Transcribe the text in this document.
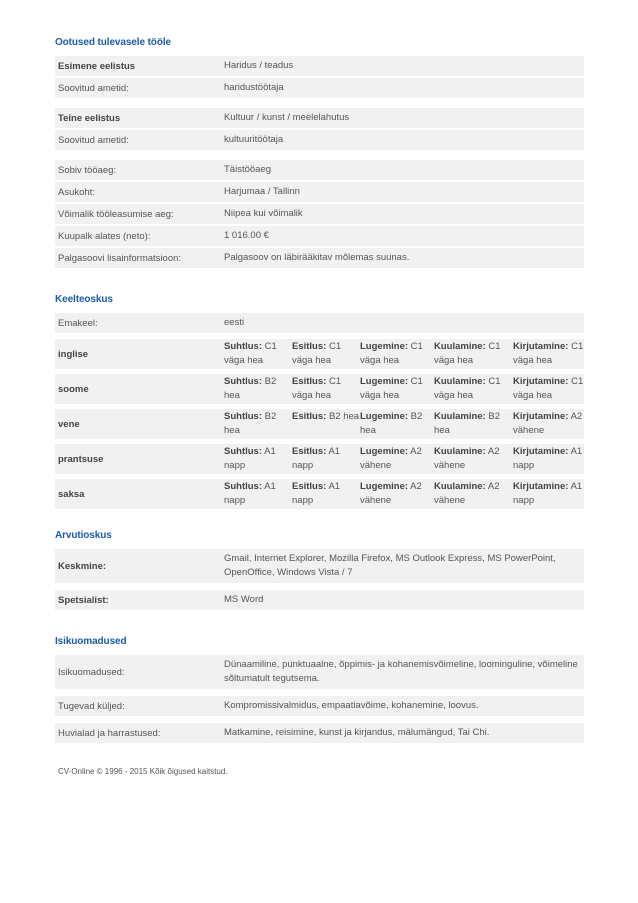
Ootused tulevasele tööle
Esimene eelistus	Haridus / teadus
Soovitud ametid:	haridustöötaja
Teine eelistus	Kultuur / kunst / meelelahutus
Soovitud ametid:	kultuuritöötaja
Sobiv tööaeg:	Täistööaeg
Asukoht:	Harjumaa / Tallinn
Võimalik tööleasumise aeg:	Niipea kui võimalik
Kuupalk alates (neto):	1 016.00 €
Palgasoovi lisainformatsioon:	Palgasoov on läbirääkitav mõlemas suunas.
Keelteoskus
Emakeel:	eesti
inglise
Suhtlus: C1 väga hea
Esitlus: C1 väga hea
Lugemine: C1 väga hea
Kuulamine: C1 väga hea
Kirjutamine: C1 väga hea
soome
Suhtlus: B2 hea
Esitlus: C1 väga hea
Lugemine: C1 väga hea
Kuulamine: C1 väga hea
Kirjutamine: C1 väga hea
vene
Suhtlus: B2 hea
Esitlus: B2 hea Lugemine: B2 hea
Kuulamine: B2 hea
Kirjutamine: A2 vähene
prantsuse
Suhtlus: A1 napp
Esitlus: A1 napp
Lugemine: A2 vähene
Kuulamine: A2 vähene
Kirjutamine: A1 napp
saksa
Suhtlus: A1 napp
Esitlus: A1 napp
Lugemine: A2 vähene
Kuulamine: A2 vähene
Kirjutamine: A1 napp
Arvutioskus
Keskmine:
Gmail, Internet Explorer, Mozilla Firefox, MS Outlook Express, MS PowerPoint, OpenOffice, Windows Vista / 7
Spetsialist:	MS Word
Isikuomadused
Isikuomadused:
Dünaamiline, punktuaalne, õppimis- ja kohanemisvõimeline, loominguline, võimeline sõltumatult tegutsema.
Tugevad küljed:	Kompromissivalmidus, empaatiavõime, kohanemine, loovus.
Huvialad ja harrastused:	Matkamine, reisimine, kunst ja kirjandus, mälumängud, Tai Chi.
CV-Online © 1996 - 2015 Kõik õigused kaitstud.
